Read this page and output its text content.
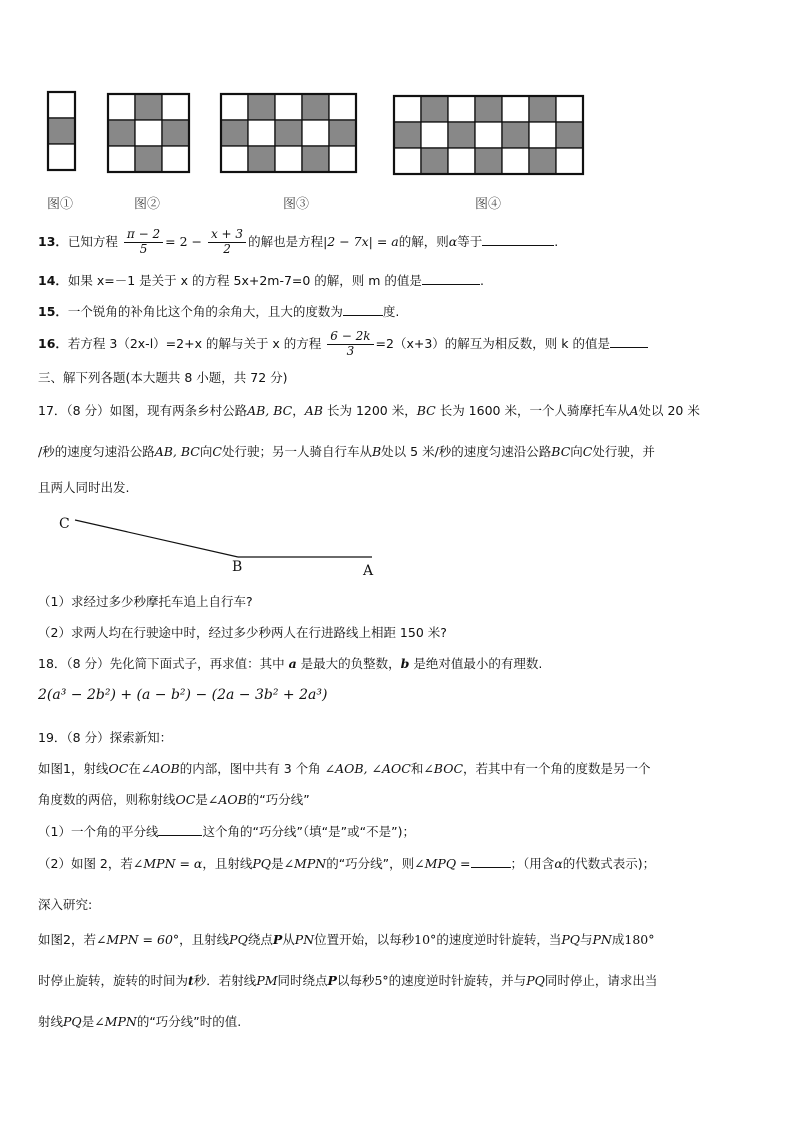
图①	图②	图③	图④
13．已知方程 $\frac{\pi - 2}{5} = 2 - \frac{x + 3}{2}$ 的解也是方程|2 − 7x| = a的解，则α等于	.
14．如果 x=－1 是关于 x 的方程 5x+2m-7=0 的解，则 m 的值是	.
15．一个锐角的补角比这个角的余角大，且大的度数为	度.
16．若方程 3（2x-l）=2+x 的解与关于 x 的方程 $\frac{6 - 2k}{3} =2(x+3)$的解互为相反数，则 k 的值是
三、解下列各题(本大题共 8 小题，共 72 分)
17．（8 分）如图，现有两条乡村公路AB, BC，AB 长为 1200 米，BC 长为 1600 米，一个人骑摩托车从A处以 20 米
/秒的速度匀速沿公路AB, BC向C处行驶；另一人骑自行车从B处以 5 米/秒的速度匀速沿公路BC向C处行驶，并
且两人同时出发.
C
B	A
（1）求经过多少秒摩托车追上自行车?
（2）求两人均在行驶途中时，经过多少秒两人在行进路线上相距 150 米?
18．（8 分）先化简下面式子，再求值：其中 a 是最大的负整数，b 是绝对值最小的有理数.
2(a³ − 2b²) + (a − b²) − (2a − 3b² + 2a³)
19．（8 分）探索新知：
如图1，射线OC在∠AOB的内部，图中共有 3 个角 ∠AOB, ∠AOC和∠BOC，若其中有一个角的度数是另一个
角度数的两倍，则称射线OC是∠AOB的“巧分线”
（1）一个角的平分线	这个角的“巧分线”（填“是”或“不是”)；
（2）如图 2，若∠MPN = α，且射线PQ是∠MPN的“巧分线”，则∠MPQ =	；（用含α的代数式表示)；
深入研究:
如图2，若∠MPN = 60°，且射线PQ绕点P从PN位置开始，以每秒10°的速度逆时针旋转，当PQ与PN成180°
时停止旋转，旋转的时间为t秒．若射线PM同时绕点P以每秒5°的速度逆时针旋转，并与PQ同时停止，请求出当
射线PQ是∠MPN的“巧分线”时的值.
